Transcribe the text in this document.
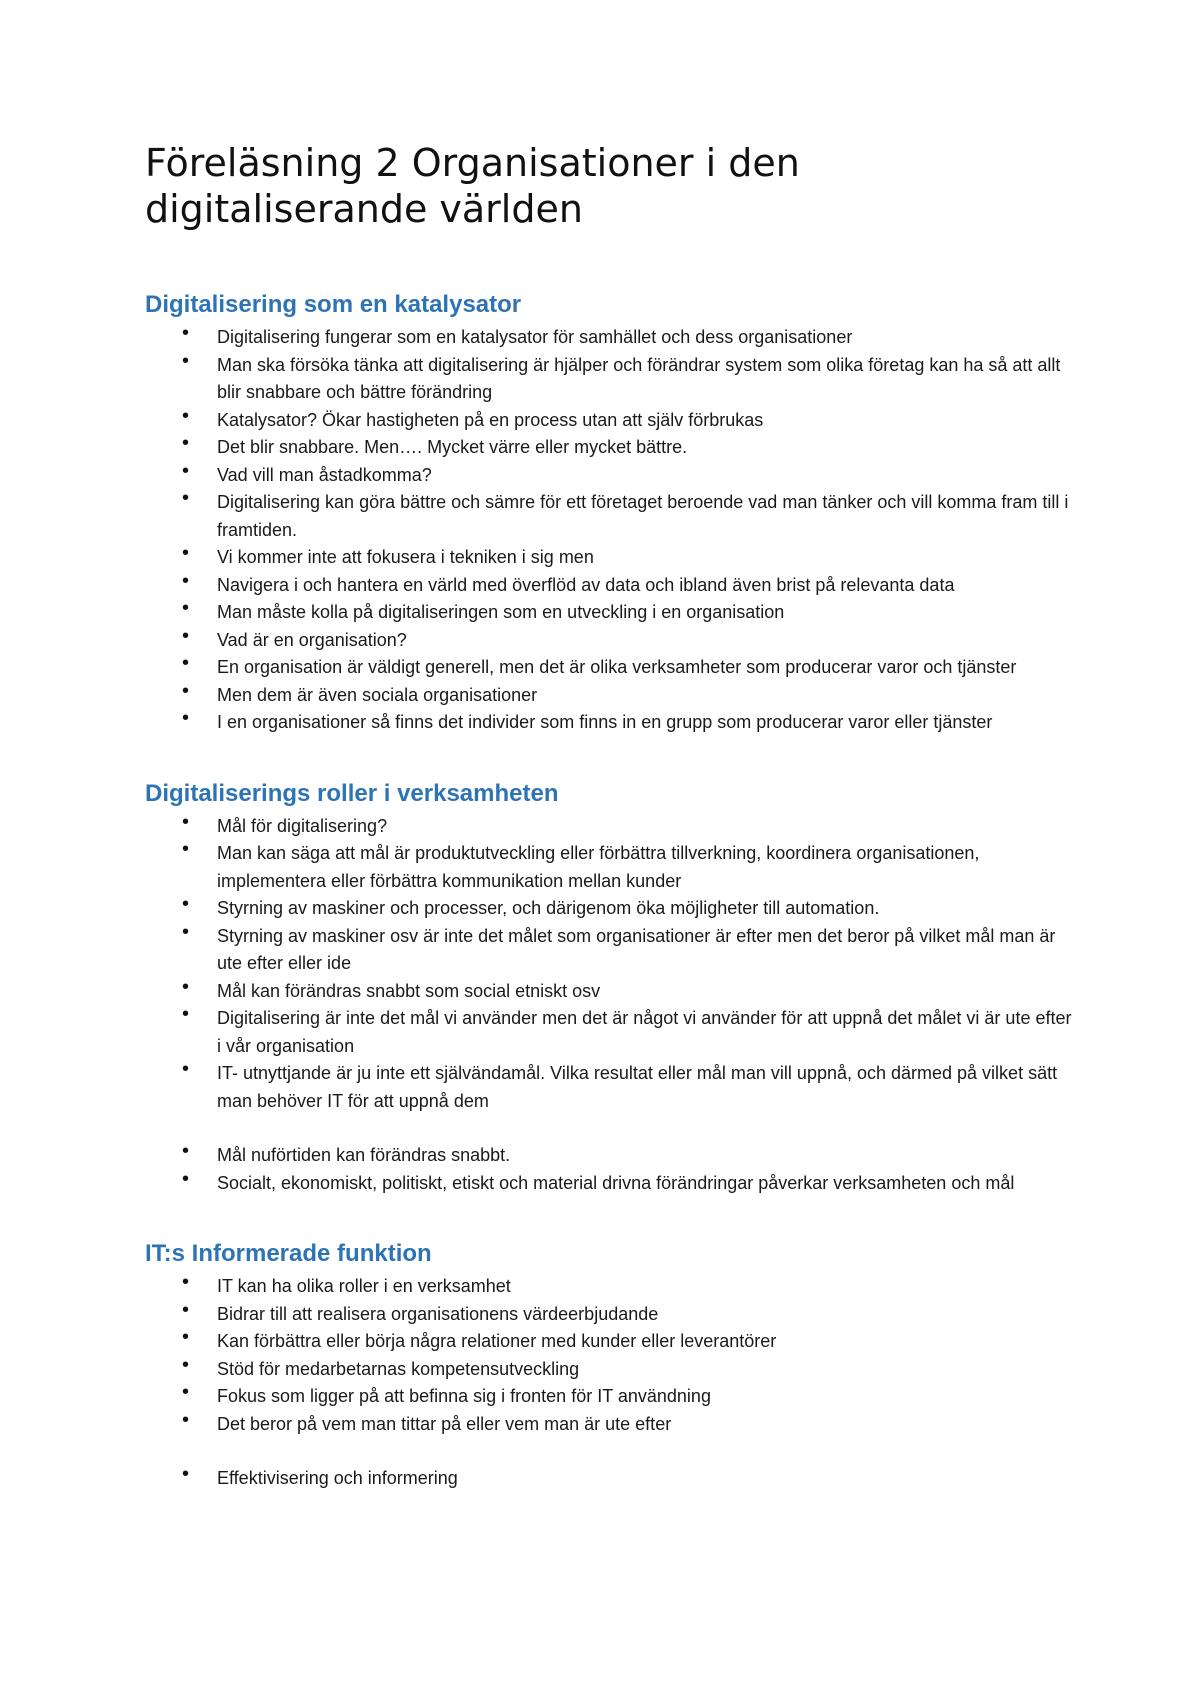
Föreläsning 2 Organisationer i den digitaliserande världen
Digitalisering som en katalysator
• Digitalisering fungerar som en katalysator för samhället och dess organisationer
• Man ska försöka tänka att digitalisering är hjälper och förändrar system som olika företag kan ha så att allt blir snabbare och bättre förändring
• Katalysator? Ökar hastigheten på en process utan att själv förbrukas
• Det blir snabbare. Men…. Mycket värre eller mycket bättre.
• Vad vill man åstadkomma?
• Digitalisering kan göra bättre och sämre för ett företaget beroende vad man tänker och vill komma fram till i framtiden.
• Vi kommer inte att fokusera i tekniken i sig men
• Navigera i och hantera en värld med överflöd av data och ibland även brist på relevanta data
• Man måste kolla på digitaliseringen som en utveckling i en organisation
• Vad är en organisation?
• En organisation är väldigt generell, men det är olika verksamheter som producerar varor och tjänster
• Men dem är även sociala organisationer
• I en organisationer så finns det individer som finns in en grupp som producerar varor eller tjänster
Digitaliserings roller i verksamheten
• Mål för digitalisering?
• Man kan säga att mål är produktutveckling eller förbättra tillverkning, koordinera organisationen, implementera eller förbättra kommunikation mellan kunder
• Styrning av maskiner och processer, och därigenom öka möjligheter till automation.
• Styrning av maskiner osv är inte det målet som organisationer är efter men det beror på vilket mål man är ute efter eller ide
• Mål kan förändras snabbt som social etniskt osv
• Digitalisering är inte det mål vi använder men det är något vi använder för att uppnå det målet vi är ute efter i vår organisation
• IT- utnyttjande är ju inte ett självändamål. Vilka resultat eller mål man vill uppnå, och därmed på vilket sätt man behöver IT för att uppnå dem
• Mål nuförtiden kan förändras snabbt.
• Socialt, ekonomiskt, politiskt, etiskt och material drivna förändringar påverkar verksamheten och mål
IT:s Informerade funktion
• IT kan ha olika roller i en verksamhet
• Bidrar till att realisera organisationens värdeerbjudande
• Kan förbättra eller börja några relationer med kunder eller leverantörer
• Stöd för medarbetarnas kompetensutveckling
• Fokus som ligger på att befinna sig i fronten för IT användning
• Det beror på vem man tittar på eller vem man är ute efter
• Effektivisering och informering
